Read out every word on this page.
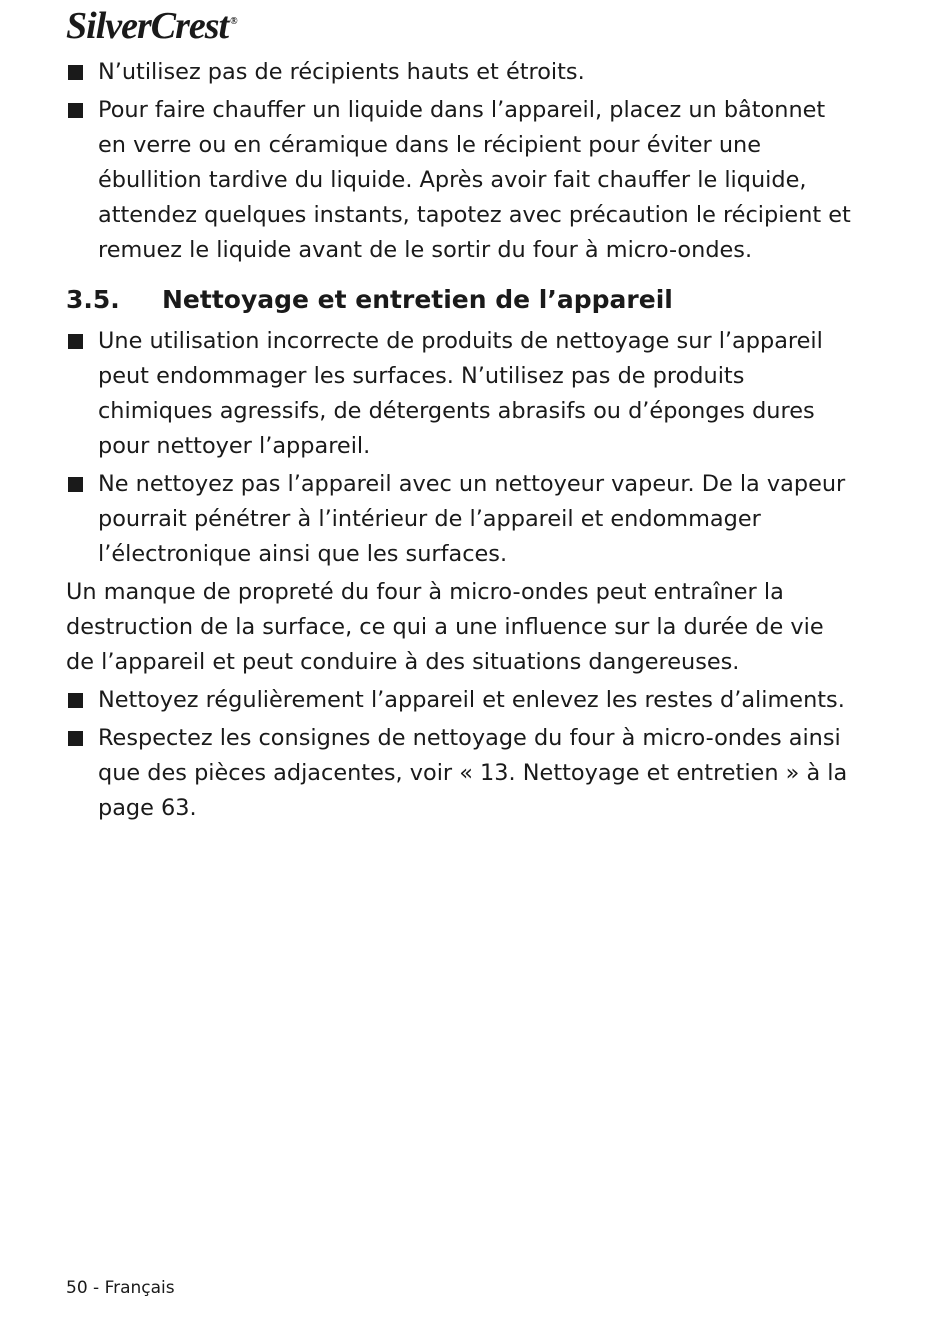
SilverCrest ®
N’utilisez pas de récipients hauts et étroits.
Pour faire chauffer un liquide dans l’appareil, placez un bâtonnet en verre ou en céramique dans le récipient pour éviter une ébullition tardive du liquide. Après avoir fait chauffer le liquide, attendez quelques instants, tapotez avec précaution le récipient et remuez le liquide avant de le sortir du four à micro-ondes.
3.5.	Nettoyage et entretien de l’appareil
Une utilisation incorrecte de produits de nettoyage sur l’appareil peut endommager les surfaces. N’utilisez pas de produits chimiques agressifs, de détergents abrasifs ou d’éponges dures pour nettoyer l’appareil.
Ne nettoyez pas l’appareil avec un nettoyeur vapeur. De la vapeur pourrait pénétrer à l’intérieur de l’appareil et endommager l’électronique ainsi que les surfaces.
Un manque de propreté du four à micro-ondes peut entraîner la destruction de la surface, ce qui a une influence sur la durée de vie de l’appareil et peut conduire à des situations dangereuses.
Nettoyez régulièrement l’appareil et enlevez les restes d’aliments.
Respectez les consignes de nettoyage du four à micro-ondes ainsi que des pièces adjacentes, voir « 13. Nettoyage et entretien » à la page 63.
50 - Français
